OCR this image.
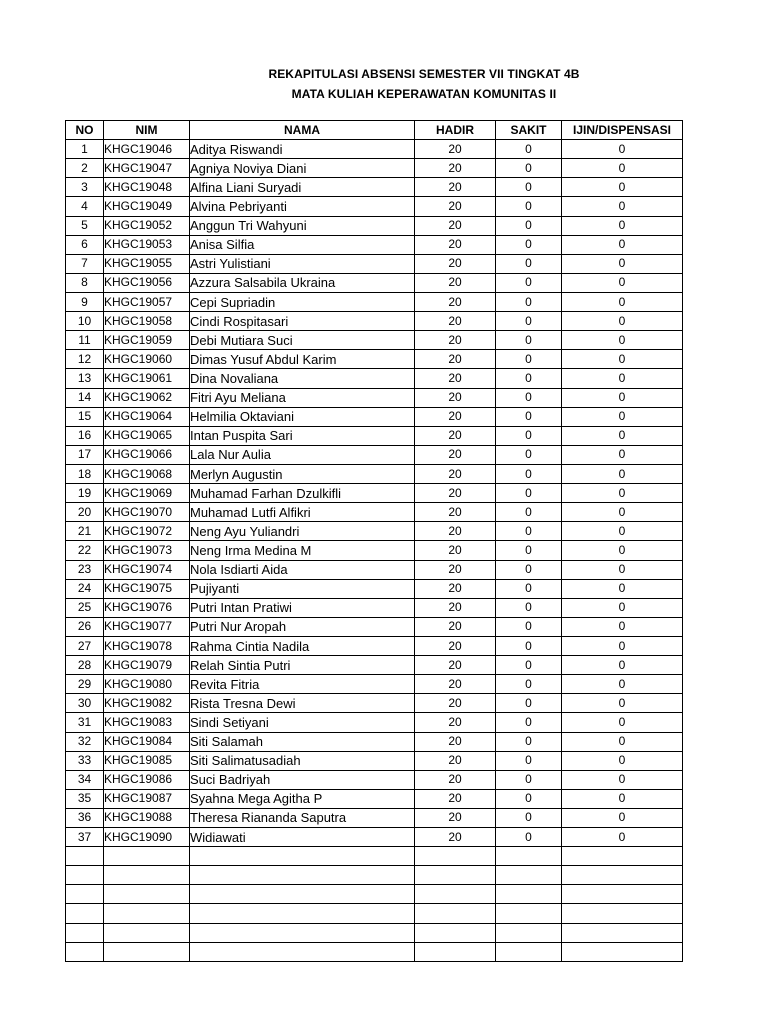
REKAPITULASI ABSENSI SEMESTER VII TINGKAT 4B
MATA KULIAH KEPERAWATAN KOMUNITAS II
NO	NIM	NAMA	HADIR	SAKIT	IJIN/DISPENSASI
1	KHGC19046	Aditya Riswandi	20	0	0
2	KHGC19047	Agniya Noviya Diani	20	0	0
3	KHGC19048	Alfina Liani Suryadi	20	0	0
4	KHGC19049	Alvina Pebriyanti	20	0	0
5	KHGC19052	Anggun Tri Wahyuni	20	0	0
6	KHGC19053	Anisa Silfia	20	0	0
7	KHGC19055	Astri Yulistiani	20	0	0
8	KHGC19056	Azzura Salsabila Ukraina	20	0	0
9	KHGC19057	Cepi Supriadin	20	0	0
10	KHGC19058	Cindi Rospitasari	20	0	0
11	KHGC19059	Debi Mutiara Suci	20	0	0
12	KHGC19060	Dimas Yusuf Abdul Karim	20	0	0
13	KHGC19061	Dina Novaliana	20	0	0
14	KHGC19062	Fitri Ayu Meliana	20	0	0
15	KHGC19064	Helmilia Oktaviani	20	0	0
16	KHGC19065	Intan Puspita Sari	20	0	0
17	KHGC19066	Lala Nur Aulia	20	0	0
18	KHGC19068	Merlyn Augustin	20	0	0
19	KHGC19069	Muhamad Farhan Dzulkifli	20	0	0
20	KHGC19070	Muhamad Lutfi Alfikri	20	0	0
21	KHGC19072	Neng Ayu Yuliandri	20	0	0
22	KHGC19073	Neng Irma Medina M	20	0	0
23	KHGC19074	Nola Isdiarti Aida	20	0	0
24	KHGC19075	Pujiyanti	20	0	0
25	KHGC19076	Putri Intan Pratiwi	20	0	0
26	KHGC19077	Putri Nur Aropah	20	0	0
27	KHGC19078	Rahma Cintia Nadila	20	0	0
28	KHGC19079	Relah Sintia Putri	20	0	0
29	KHGC19080	Revita Fitria	20	0	0
30	KHGC19082	Rista Tresna Dewi	20	0	0
31	KHGC19083	Sindi Setiyani	20	0	0
32	KHGC19084	Siti Salamah	20	0	0
33	KHGC19085	Siti Salimatusadiah	20	0	0
34	KHGC19086	Suci Badriyah	20	0	0
35	KHGC19087	Syahna Mega Agitha P	20	0	0
36	KHGC19088	Theresa Riananda Saputra	20	0	0
37	KHGC19090	Widiawati	20	0	0
